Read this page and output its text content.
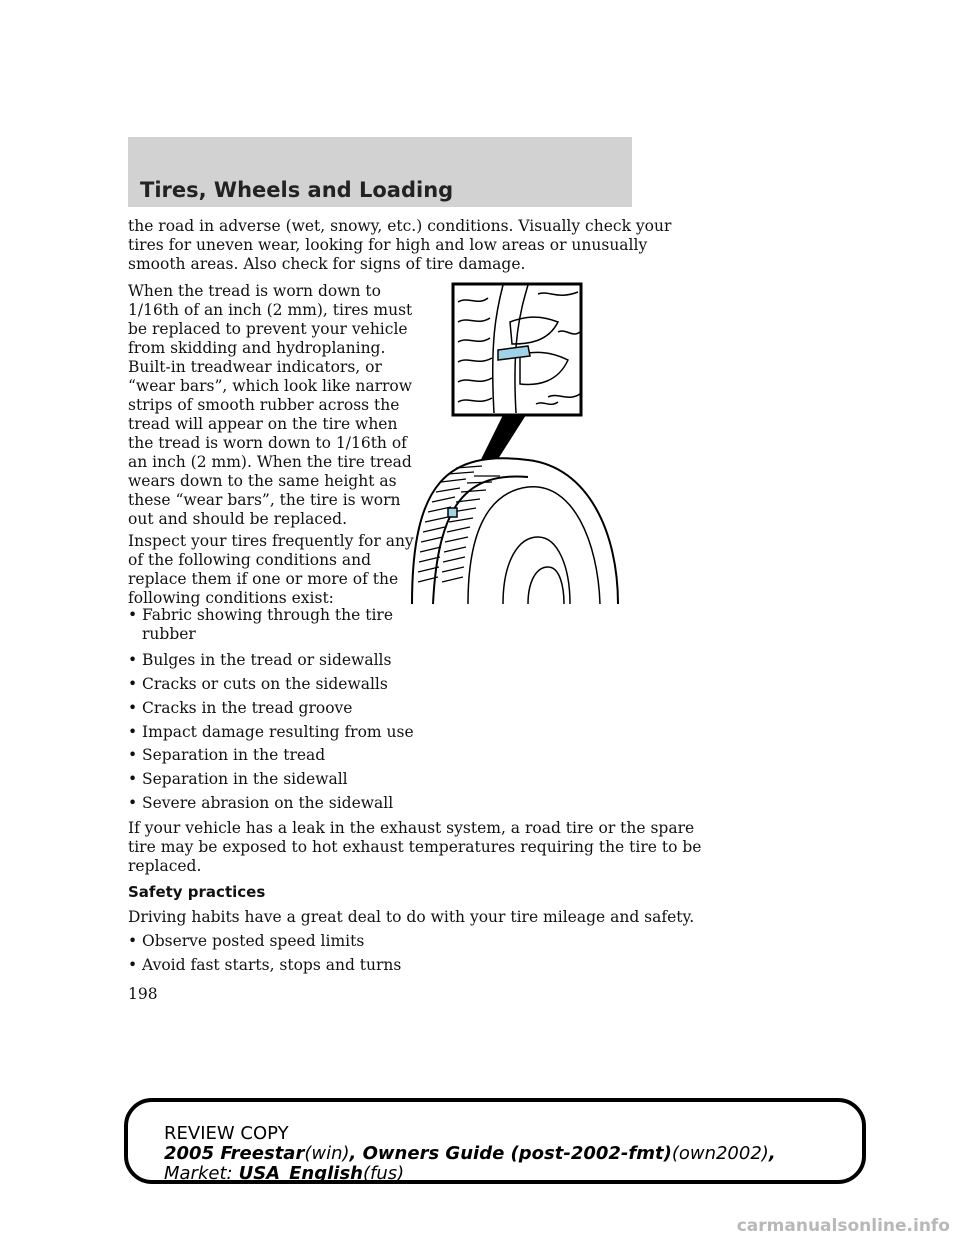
Tires, Wheels and Loading
the road in adverse (wet, snowy, etc.) conditions. Visually check your
tires for uneven wear, looking for high and low areas or unusually
smooth areas. Also check for signs of tire damage.
When the tread is worn down to
1/16th of an inch (2 mm), tires must
be replaced to prevent your vehicle
from skidding and hydroplaning.
Built-in treadwear indicators, or
“wear bars”, which look like narrow
strips of smooth rubber across the
tread will appear on the tire when
the tread is worn down to 1/16th of
an inch (2 mm). When the tire tread
wears down to the same height as
these “wear bars”, the tire is worn
out and should be replaced.
Inspect your tires frequently for any
of the following conditions and
replace them if one or more of the
following conditions exist:
• Fabric showing through the tire
rubber
• Bulges in the tread or sidewalls
• Cracks or cuts on the sidewalls
• Cracks in the tread groove
• Impact damage resulting from use
• Separation in the tread
• Separation in the sidewall
• Severe abrasion on the sidewall
If your vehicle has a leak in the exhaust system, a road tire or the spare
tire may be exposed to hot exhaust temperatures requiring the tire to be
replaced.
Safety practices
Driving habits have a great deal to do with your tire mileage and safety.
• Observe posted speed limits
• Avoid fast starts, stops and turns
198
REVIEW COPY
2005 Freestar(win), Owners Guide (post-2002-fmt)(own2002),
Market: USA_English(fus)
carmanualsonline.info
